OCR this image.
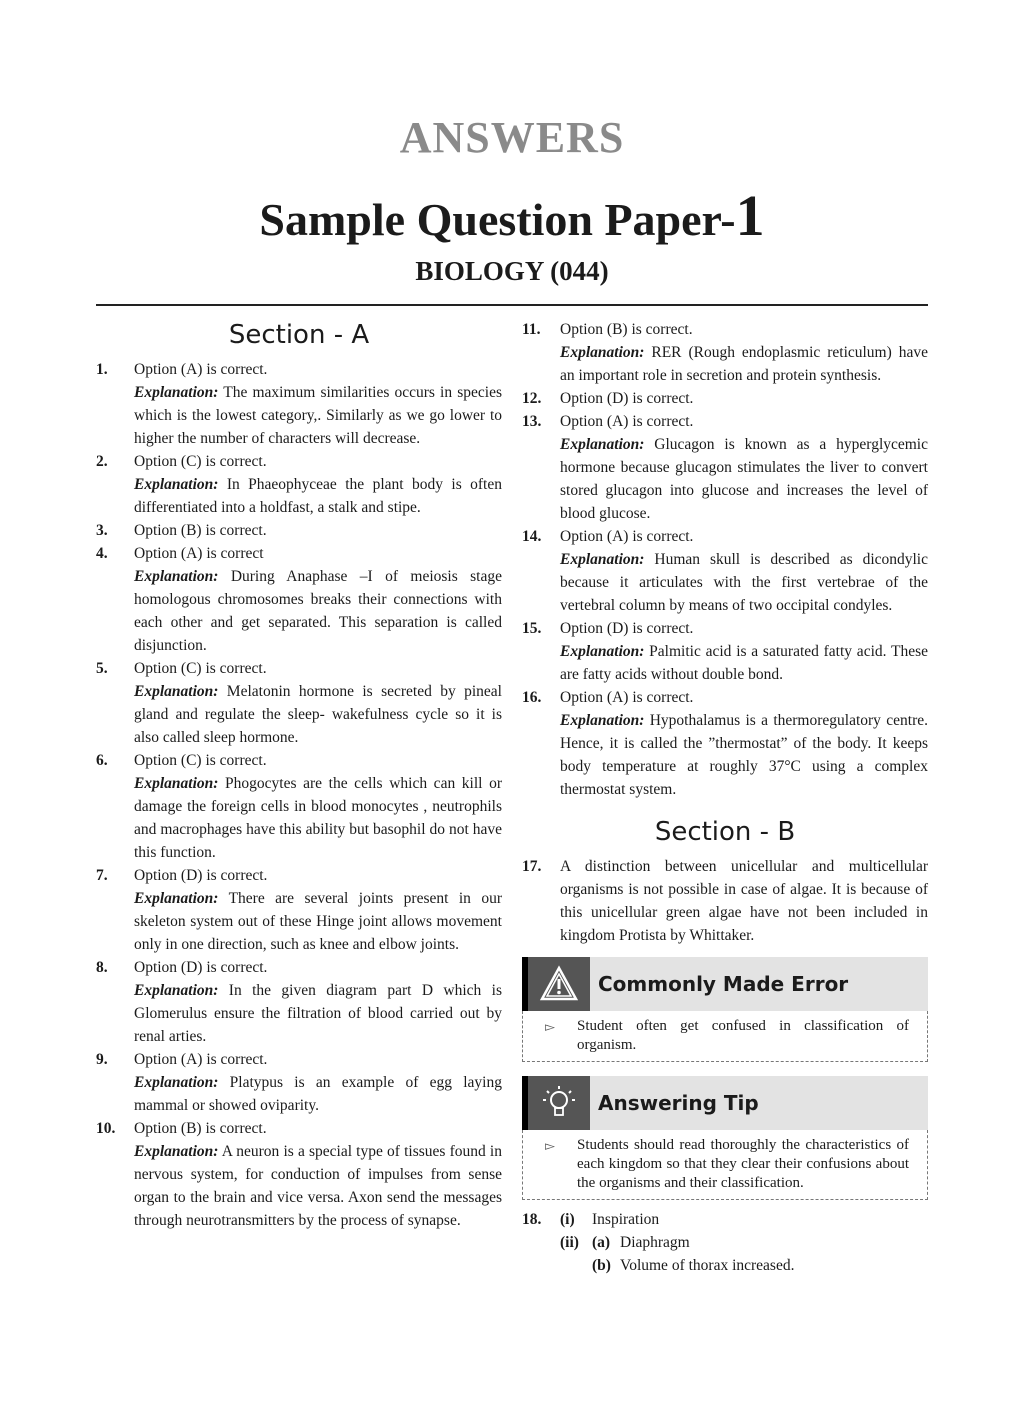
ANSWERS
Sample Question Paper-1
BIOLOGY (044)
Section - A
1.	Option (A) is correct.
Explanation: The maximum similarities occurs in species which is the lowest category,. Similarly as we go lower to higher the number of characters will decrease.
2.	Option (C) is correct.
Explanation: In Phaeophyceae the plant body is often differentiated into a holdfast, a stalk and stipe.
3.	Option (B) is correct.
4.	Option (A) is correct
Explanation: During Anaphase –I of meiosis stage homologous chromosomes breaks their connections with each other and get separated. This separation is called disjunction.
5.	Option (C) is correct.
Explanation: Melatonin hormone is secreted by pineal gland and regulate the sleep- wakefulness cycle so it is also called sleep hormone.
6.	Option (C) is correct.
Explanation: Phogocytes are the cells which can kill or damage the foreign cells in blood monocytes , neutrophils and macrophages have this ability but basophil do not have this function.
7.	Option (D) is correct.
Explanation: There are several joints present in our skeleton system out of these Hinge joint allows movement only in one direction, such as knee and elbow joints.
8.	Option (D) is correct.
Explanation: In the given diagram part D which is Glomerulus ensure the filtration of blood carried out by renal arties.
9.	Option (A) is correct.
Explanation: Platypus is an example of egg laying mammal or showed oviparity.
10.	Option (B) is correct.
Explanation: A neuron is a special type of tissues found in nervous system, for conduction of impulses from sense organ to the brain and vice versa. Axon send the messages through neurotransmitters by the process of synapse.
11.	Option (B) is correct.
Explanation: RER (Rough endoplasmic reticulum) have an important role in secretion and protein synthesis.
12.	Option (D) is correct.
13.	Option (A) is correct.
Explanation: Glucagon is known as a hyperglycemic hormone because glucagon stimulates the liver to convert stored glucagon into glucose and increases the level of blood glucose.
14.	Option (A) is correct.
Explanation: Human skull is described as dicondylic because it articulates with the first vertebrae of the vertebral column by means of two occipital condyles.
15.	Option (D) is correct.
Explanation: Palmitic acid is a saturated fatty acid. These are fatty acids without double bond.
16.	Option (A) is correct.
Explanation: Hypothalamus is a thermoregulatory centre. Hence, it is called the ”thermostat” of the body. It keeps body temperature at roughly 37°C using a complex thermostat system.
Section - B
17.	A distinction between unicellular and multicellular organisms is not possible in case of algae. It is because of this unicellular green algae have not been included in kingdom Protista by Whittaker.
Commonly Made Error
▻	Student often get confused in classification of organism.
Answering Tip
▻	Students should read thoroughly the characteristics of each kingdom so that they clear their confusions about the organisms and their classification.
18.	(i)	Inspiration
(ii) (a) Diaphragm
(b) Volume of thorax increased.
